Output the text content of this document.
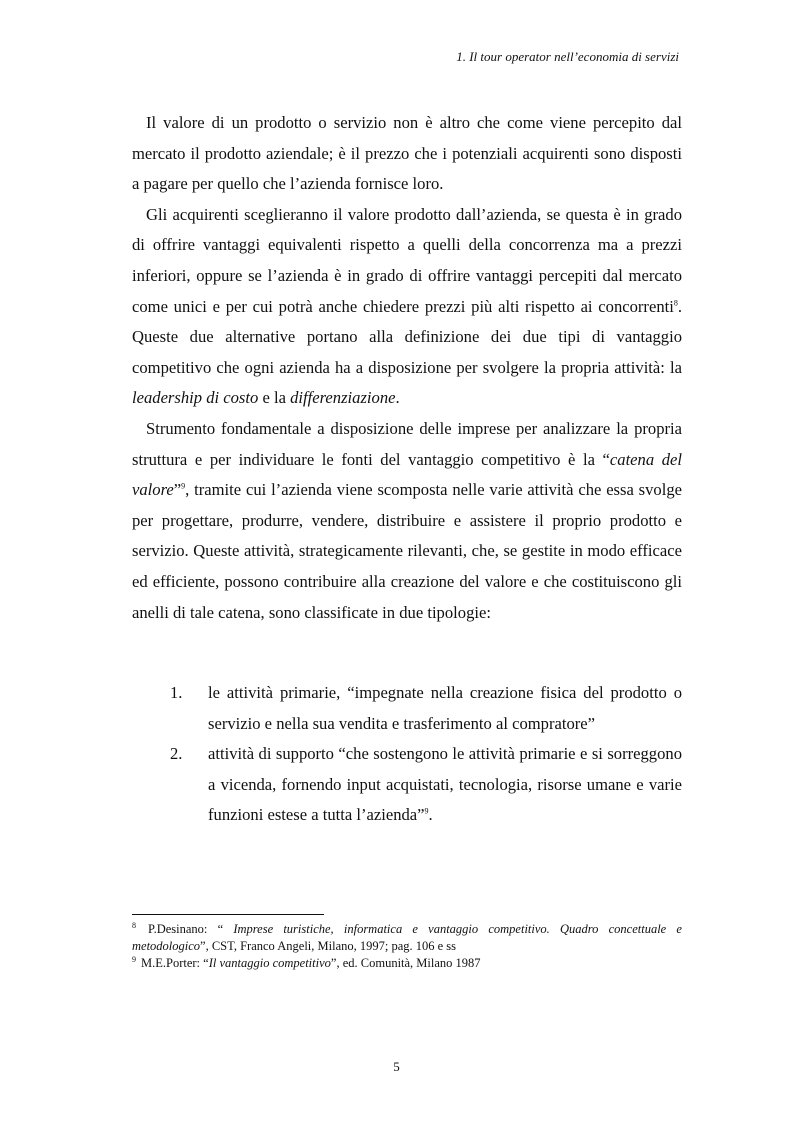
1. Il tour operator nell’economia di servizi

Il valore di un prodotto o servizio non è altro che come viene percepito dal mercato il prodotto aziendale; è il prezzo che i potenziali acquirenti sono disposti a pagare per quello che l’azienda fornisce loro.

Gli acquirenti sceglieranno il valore prodotto dall’azienda, se questa è in grado di offrire vantaggi equivalenti rispetto a quelli della concorrenza ma a prezzi inferiori, oppure se l’azienda è in grado di offrire vantaggi percepiti dal mercato come unici e per cui potrà anche chiedere prezzi più alti rispetto ai concorrenti$^8$. Queste due alternative portano alla definizione dei due tipi di vantaggio competitivo che ogni azienda ha a disposizione per svolgere la propria attività: la leadership di costo e la differenziazione.

Strumento fondamentale a disposizione delle imprese per analizzare la propria struttura e per individuare le fonti del vantaggio competitivo è la “catena del valore”$^9$, tramite cui l’azienda viene scomposta nelle varie attività che essa svolge per progettare, produrre, vendere, distribuire e assistere il proprio prodotto e servizio. Queste attività, strategicamente rilevanti, che, se gestite in modo efficace ed efficiente, possono contribuire alla creazione del valore e che costituiscono gli anelli di tale catena, sono classificate in due tipologie:

1. le attività primarie, “impegnate nella creazione fisica del prodotto o servizio e nella sua vendita e trasferimento al compratore”
2. attività di supporto “che sostengono le attività primarie e si sorreggono a vicenda, fornendo input acquistati, tecnologia, risorse umane e varie funzioni estese a tutta l’azienda”$^9$.
$^8$ P.Desinano: “ Imprese turistiche, informatica e vantaggio competitivo. Quadro concettuale e metodologico”, CST, Franco Angeli, Milano, 1997; pag. 106 e ss
$^9$ M.E.Porter: “Il vantaggio competitivo”, ed. Comunità, Milano 1987
5
